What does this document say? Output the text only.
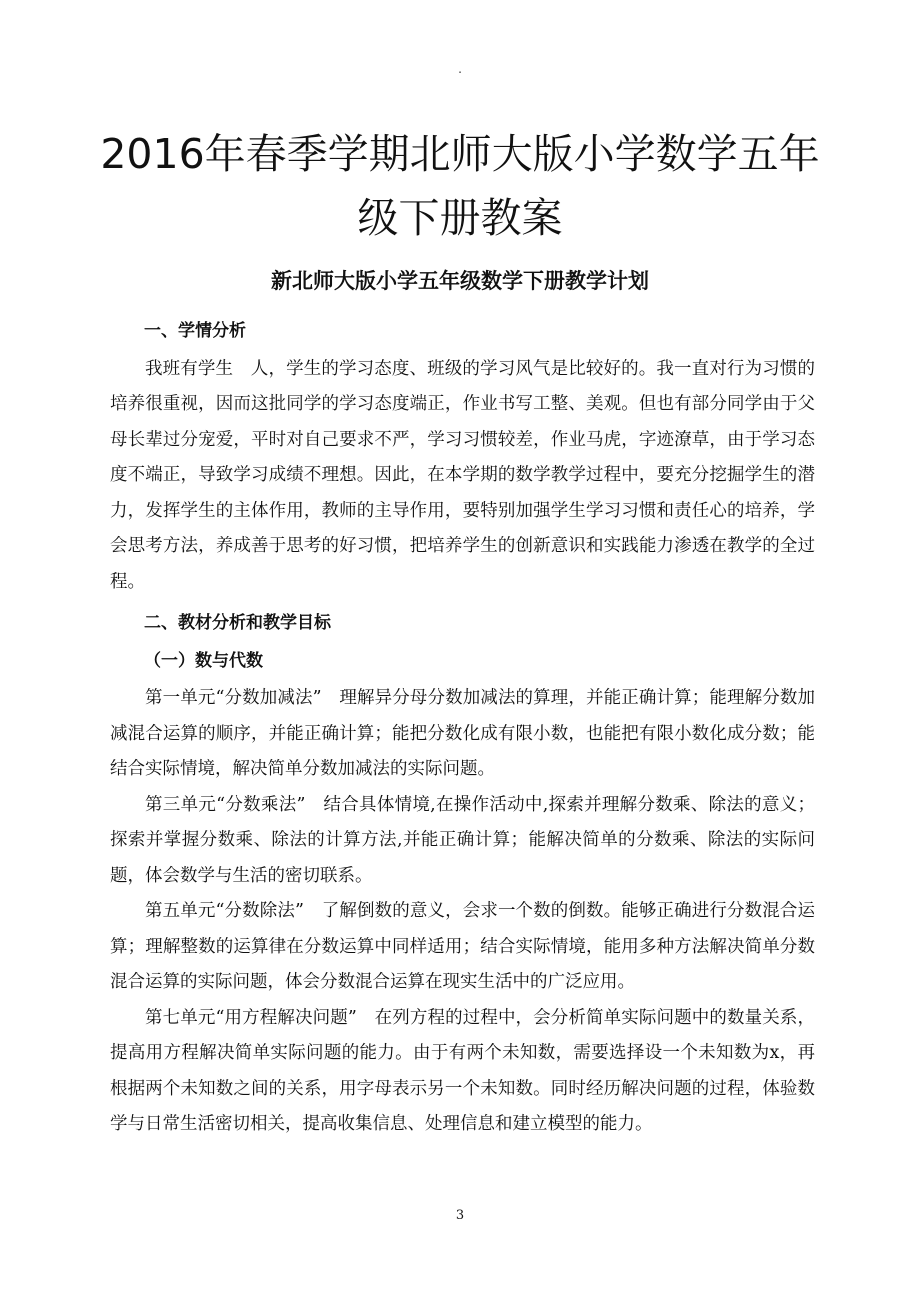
.
2016年春季学期北师大版小学数学五年级下册教案
新北师大版小学五年级数学下册教学计划

一、学情分析

我班有学生　人，学生的学习态度、班级的学习风气是比较好的。我一直对行为习惯的培养很重视，因而这批同学的学习态度端正，作业书写工整、美观。但也有部分同学由于父母长辈过分宠爱，平时对自己要求不严，学习习惯较差，作业马虎，字迹潦草，由于学习态度不端正，导致学习成绩不理想。因此，在本学期的数学教学过程中，要充分挖掘学生的潜力，发挥学生的主体作用，教师的主导作用，要特别加强学生学习习惯和责任心的培养，学会思考方法，养成善于思考的好习惯，把培养学生的创新意识和实践能力渗透在教学的全过程。

二、教材分析和教学目标

（一）数与代数

第一单元“分数加减法”　理解异分母分数加减法的算理，并能正确计算；能理解分数加减混合运算的顺序，并能正确计算；能把分数化成有限小数，也能把有限小数化成分数；能结合实际情境，解决简单分数加减法的实际问题。

第三单元“分数乘法”　结合具体情境,在操作活动中,探索并理解分数乘、除法的意义；探索并掌握分数乘、除法的计算方法,并能正确计算；能解决简单的分数乘、除法的实际问题，体会数学与生活的密切联系。

第五单元“分数除法”　了解倒数的意义，会求一个数的倒数。能够正确进行分数混合运算；理解整数的运算律在分数运算中同样适用；结合实际情境，能用多种方法解决简单分数混合运算的实际问题，体会分数混合运算在现实生活中的广泛应用。

第七单元“用方程解决问题”　在列方程的过程中，会分析简单实际问题中的数量关系，提高用方程解决简单实际问题的能力。由于有两个未知数，需要选择设一个未知数为x，再根据两个未知数之间的关系，用字母表示另一个未知数。同时经历解决问题的过程，体验数学与日常生活密切相关，提高收集信息、处理信息和建立模型的能力。

3
